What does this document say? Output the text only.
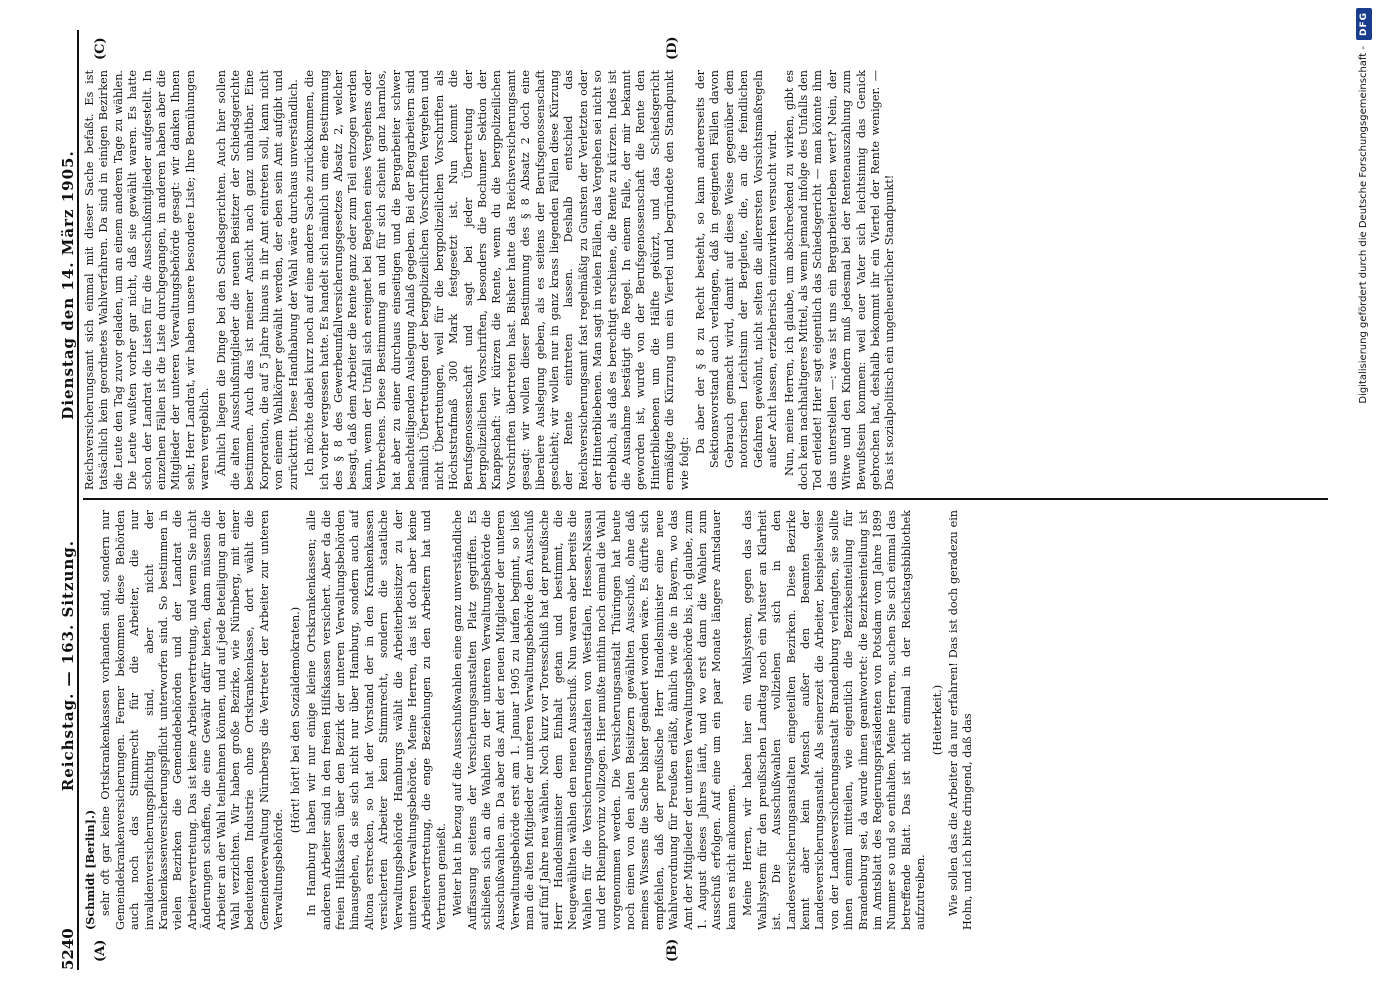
5240
Reichstag. — 163. Sitzung.
Dienstag den 14. März 1905.
(A)	(B)
(C)	(D)

(Schmidt [Berlin].) sehr oft gar keine Ortskrankenkassen vorhanden sind, sondern nur Gemeindekrankenversicherungen. Ferner bekommen diese Behörden auch noch das Stimmrecht für die Arbeiter, die nur invalidenversicherungspflichtig sind, aber nicht der Krankenkassenversicherungspflicht unterworfen sind. So bestimmen in vielen Bezirken die Gemeindebehörden und der Landrat die Arbeitervertretung. Das ist keine Arbeitervertretung, und wenn Sie nicht Änderungen schaffen, die eine Gewähr dafür bieten, dann müssen die Arbeiter an der Wahl teilnehmen können, und auf jede Beteiligung an der Wahl verzichten. Wir haben große Bezirke, wie Nürnberg, mit einer bedeutenden Industrie ohne Ortskrankenkasse, dort wählt die Gemeindeverwaltung Nürnbergs die Vertreter der Arbeiter zur unteren Verwaltungsbehörde.

(Hört! hört! bei den Sozialdemokraten.) In Hamburg haben wir nur einige kleine Ortskrankenkassen; alle anderen Arbeiter sind in den freien Hilfskassen versichert. Aber da die freien Hilfskassen über den Bezirk der unteren Verwaltungsbehörden hinausgehen, da sie sich nicht nur über Hamburg, sondern auch auf Altona erstrecken, so hat der Vorstand der in den Krankenkassen versicherten Arbeiter kein Stimmrecht, sondern die staatliche Verwaltungsbehörde Hamburgs wählt die Arbeiterbeisitzer zu der unteren Verwaltungsbehörde. Meine Herren, das ist doch aber keine Arbeitervertretung, die enge Beziehungen zu den Arbeitern hat und Vertrauen genießt. Weiter hat in bezug auf die Ausschußwahlen eine ganz unverständliche Auffassung seitens der Versicherungsanstalten Platz gegriffen. Es schließen sich an die Wahlen zu der unteren Verwaltungsbehörde die Ausschußwahlen an. Da aber das Amt der neuen Mitglieder der unteren Verwaltungsbehörde erst am 1. Januar 1905 zu laufen beginnt, so ließ man die alten Mitglieder der unteren Verwaltungsbehörde den Ausschuß auf fünf Jahre neu wählen. Noch kurz vor Toresschluß hat der preußische Herr Handelsminister dem Einhalt getan und bestimmt, die Neugewählten wählen den neuen Ausschuß. Nun waren aber bereits die Wahlen für die Versicherungsanstalten von Westfalen, Hessen-Nassau und der Rheinprovinz vollzogen. Hier mußte mithin noch einmal die Wahl vorgenommen werden. Die Versicherungsanstalt Thüringen hat heute noch einen von den alten Beisitzern gewählten Ausschuß, ohne daß meines Wissens die Sache bisher geändert worden wäre. Es dürfte sich empfehlen, daß der preußische Herr Handelsminister eine neue Wahlverordnung für Preußen erläßt, ähnlich wie die in Bayern, wo das Amt der Mitglieder der unteren Verwaltungsbehörde bis, ich glaube, zum 1. August dieses Jahres läuft, und wo erst dann die Wahlen zum Ausschuß erfolgen. Auf eine um ein paar Monate längere Amtsdauer kann es nicht ankommen. Meine Herren, wir haben hier ein Wahlsystem, gegen das das Wahlsystem für den preußischen Landtag noch ein Muster an Klarheit ist. Die Ausschußwahlen vollziehen sich in den Landesversicherungsanstalten eingeteilten Bezirken. Diese Bezirke kennt aber kein Mensch außer den Beamten der Landesversicherungsanstalt. Als seinerzeit die Arbeiter, beispielsweise von der Landesversicherungsanstalt Brandenburg verlangten, sie sollte ihnen einmal mitteilen, wie eigentlich die Bezirkseinteilung für Brandenburg sei, da wurde ihnen geantwortet: die Bezirkseinteilung ist im Amtsblatt des Regierungspräsidenten von Potsdam vom Jahre 1899 Nummer so und so enthalten. Meine Herren, suchen Sie sich einmal das betreffende Blatt. Das ist nicht einmal in der Reichstagsbibliothek aufzutreiben.

(Heiterkeit.) Wie sollen das die Arbeiter da nur erfahren! Das ist doch geradezu ein Hohn, und ich bitte dringend, daß das

Reichsversicherungsamt sich einmal mit dieser Sache befaßt. Es ist tatsächlich kein geordnetes Wahlverfahren. Da sind in einigen Bezirken die Leute den Tag zuvor geladen, um an einem anderen Tage zu wählen. Die Leute wußten vorher gar nicht, daß sie gewählt waren. Es hatte schon der Landrat die Listen für die Ausschußmitglieder aufgestellt. In einzelnen Fällen ist die Liste durchgegangen, in anderen haben aber die Mitglieder der unteren Verwaltungsbehörde gesagt: wir danken Ihnen sehr, Herr Landrat, wir haben unsere besondere Liste; Ihre Bemühungen waren vergeblich. Ähnlich liegen die Dinge bei den Schiedsgerichten. Auch hier sollen die alten Ausschußmitglieder die neuen Beisitzer der Schiedsgerichte bestimmen. Auch das ist meiner Ansicht nach ganz unhaltbar. Eine Korporation, die auf 5 Jahre hinaus in ihr Amt eintreten soll, kann nicht von einem Wahlkörper gewählt werden, der eben sein Amt aufgibt und zurücktritt. Diese Handhabung der Wahl wäre durchaus unverständlich. Ich möchte dabei kurz noch auf eine andere Sache zurückkommen, die ich vorher vergessen hatte. Es handelt sich nämlich um eine Bestimmung des § 8 des Gewerbeunfallversicherungsgesetzes Absatz 2, welcher besagt, daß dem Arbeiter die Rente ganz oder zum Teil entzogen werden kann, wenn der Unfall sich ereignet bei Begehen eines Vergehens oder Verbrechens. Diese Bestimmung an und für sich scheint ganz harmlos, hat aber zu einer durchaus einseitigen und die Bergarbeiter schwer benachteiligenden Auslegung Anlaß gegeben. Bei der Bergarbeitern sind nämlich Übertretungen der bergpolizeilichen Vorschriften Vergehen und nicht Übertretungen, weil für die bergpolizeilichen Vorschriften als Höchststrafmaß 300 Mark festgesetzt ist. Nun kommt die Berufsgenossenschaft und sagt bei jeder Übertretung der bergpolizeilichen Vorschriften, besonders die Bochumer Sektion der Knappschaft: wir kürzen die Rente, wenn du die bergpolizeilichen Vorschriften übertreten hast. Bisher hatte das Reichsversicherungsamt gesagt: wir wollen dieser Bestimmung des § 8 Absatz 2 doch eine liberalere Auslegung geben, als es seitens der Berufsgenossenschaft geschieht; wir wollen nur in ganz krass liegenden Fällen diese Kürzung der Rente eintreten lassen. Deshalb entschied das Reichsversicherungsamt fast regelmäßig zu Gunsten der Verletzten oder der Hinterbliebenen. Man sagt in vielen Fällen, das Vergehen sei nicht so erheblich, als daß es berechtigt erschiene, die Rente zu kürzen. Indes ist die Ausnahme bestätigt die Regel. In einem Falle, der mir bekannt geworden ist, wurde von der Berufsgenossenschaft die Rente den Hinterbliebenen um die Hälfte gekürzt, und das Schiedsgericht ermäßigte die Kürzung um ein Viertel und begründete den Standpunkt wie folgt:

Da aber der § 8 zu Recht besteht, so kann andererseits der Sektionsvorstand auch verlangen, daß in geeigneten Fällen davon Gebrauch gemacht wird, damit auf diese Weise gegenüber dem notorischen Leichtsinn der Bergleute, die, an die feindlichen Gefahren gewöhnt, nicht selten die allerersten Vorsichtsmaßregeln außer Acht lassen, erzieherisch einzuwirken versucht wird. Nun, meine Herren, ich glaube, um abschreckend zu wirken, gibt es doch kein nachhaltigeres Mittel, als wenn jemand infolge des Unfalls den Tod erleidet! Hier sagt eigentlich das Schiedsgericht — man könnte ihm das unterstellen —: was ist uns ein Bergarbeiterleben wert? Nein, der Witwe und den Kindern muß jedesmal bei der Rentenauszahlung zum Bewußtsein kommen: weil euer Vater sich leichtsinnig das Genick gebrochen hat, deshalb bekommt ihr ein Viertel der Rente weniger. — Das ist sozialpolitisch ein ungeheuerlicher Standpunkt!	Digitalisierung gefördert durch die Deutsche Forschungsgemeinschaft -
DFG
